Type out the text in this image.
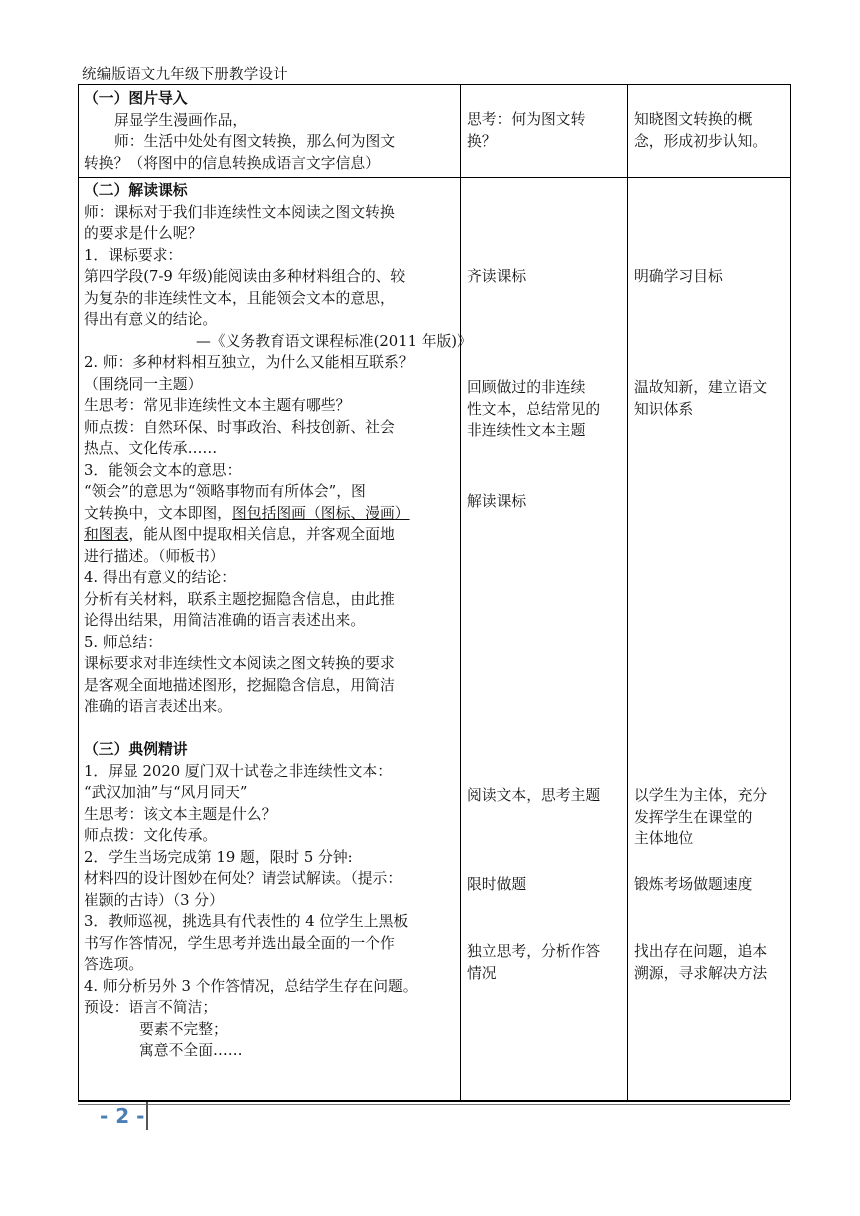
统编版语文九年级下册教学设计

（一）图片导入

屏显学生漫画作品，

师：生活中处处有图文转换，那么何为图文

转换？（将图中的信息转换成语言文字信息）

思考：何为图文转

换？

知晓图文转换的概

念，形成初步认知。

（二）解读课标

师：课标对于我们非连续性文本阅读之图文转换

的要求是什么呢？

1．课标要求：

第四学段(7-9 年级)能阅读由多种材料组合的、较

为复杂的非连续性文本，且能领会文本的意思，

得出有意义的结论。

—《义务教育语文课程标准(2011 年版)》

2. 师：多种材料相互独立，为什么又能相互联系？

（围绕同一主题）

生思考：常见非连续性文本主题有哪些？

师点拨：自然环保、时事政治、科技创新、社会

热点、文化传承……

3．能领会文本的意思：

“领会”的意思为“领略事物而有所体会”，图

文转换中，文本即图，图包括图画（图标、漫画）

和图表，能从图中提取相关信息，并客观全面地

进行描述。（师板书）

4. 得出有意义的结论：

分析有关材料，联系主题挖掘隐含信息，由此推

论得出结果，用简洁准确的语言表述出来。

5. 师总结：

课标要求对非连续性文本阅读之图文转换的要求

是客观全面地描述图形，挖掘隐含信息，用简洁

准确的语言表述出来。

（三）典例精讲

1．屏显 2020 厦门双十试卷之非连续性文本：

“武汉加油”与“风月同天”

生思考：该文本主题是什么？

师点拨：文化传承。

2．学生当场完成第 19 题，限时 5 分钟:

材料四的设计图妙在何处？请尝试解读。（提示：

崔颢的古诗）（3 分）

3．教师巡视，挑选具有代表性的 4 位学生上黑板

书写作答情况，学生思考并选出最全面的一个作

答选项。

4. 师分析另外 3 个作答情况，总结学生存在问题。

预设：语言不简洁；

要素不完整；

寓意不全面……

齐读课标

回顾做过的非连续

性文本，总结常见的

非连续性文本主题

解读课标

明确学习目标

温故知新，建立语文

知识体系

阅读文本，思考主题

限时做题

独立思考，分析作答

情况

以学生为主体，充分

发挥学生在课堂的

主体地位

锻炼考场做题速度

找出存在问题，追本

溯源，寻求解决方法

- 2 -
